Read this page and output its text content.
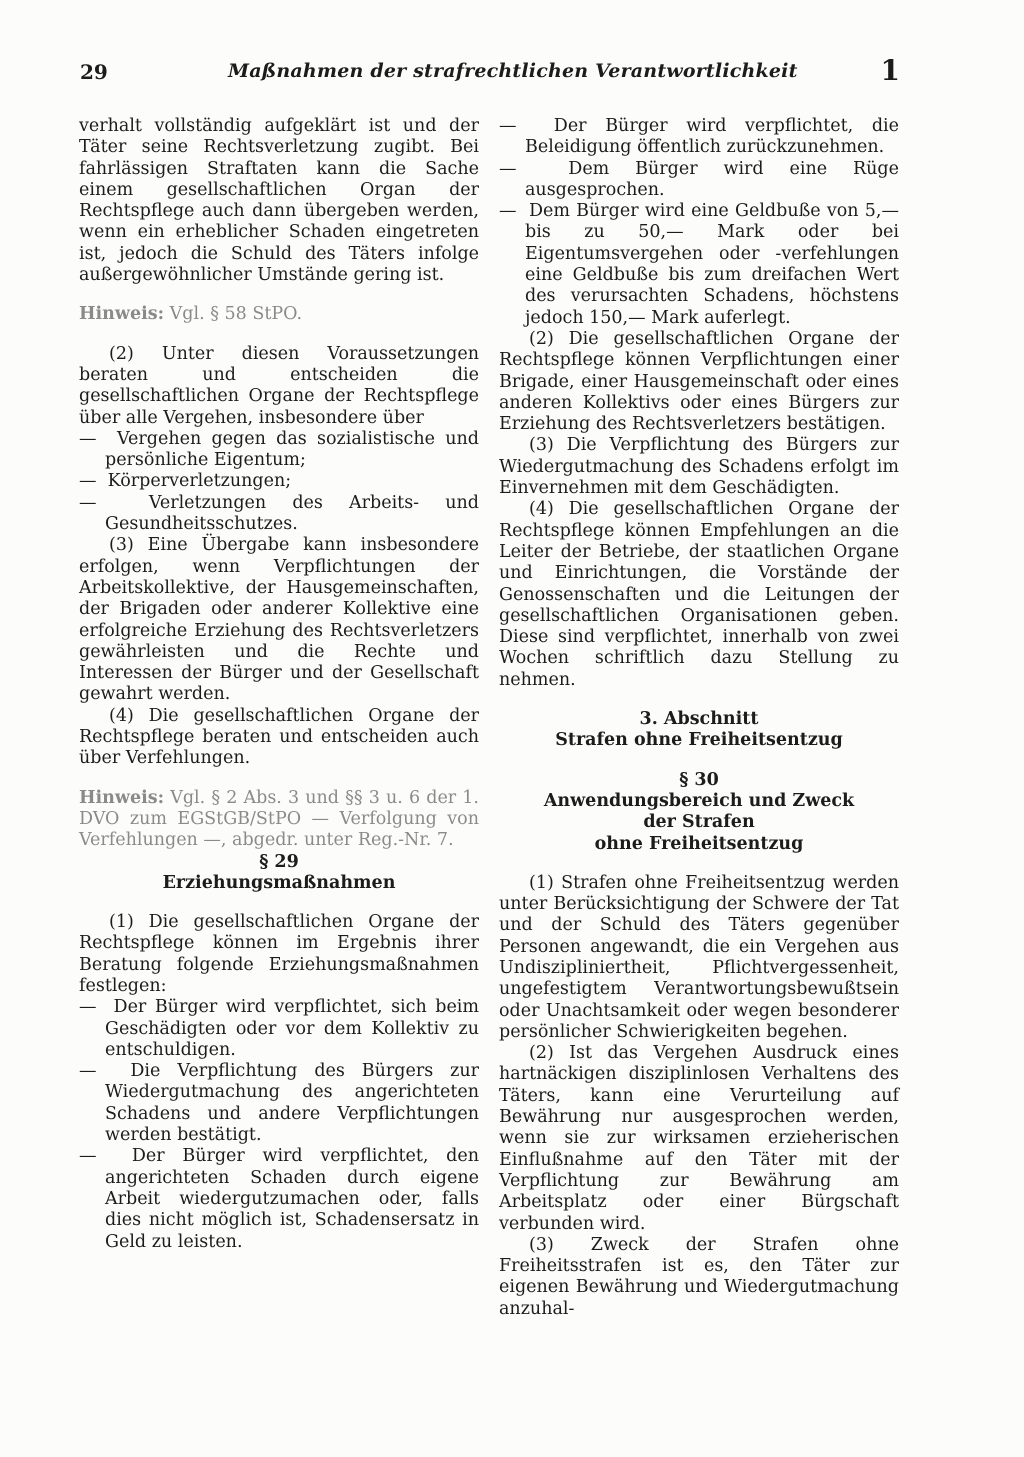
29	Maßnahmen der strafrechtlichen Verantwortlichkeit	1

verhalt vollständig aufgeklärt ist und der Täter seine Rechtsverletzung zugibt. Bei fahrlässigen Straftaten kann die Sache einem gesellschaftlichen Organ der Rechtspflege auch dann übergeben werden, wenn ein erheblicher Schaden eingetreten ist, jedoch die Schuld des Täters infolge außergewöhnlicher Umstände gering ist.

Hinweis: Vgl. § 58 StPO.

(2) Unter diesen Voraussetzungen beraten und entscheiden die gesellschaftlichen Organe der Rechtspflege über alle Vergehen, insbesondere über

—  Vergehen gegen das sozialistische und persönliche Eigentum;

—  Körperverletzungen;

—  Verletzungen des Arbeits- und Gesundheitsschutzes.

(3) Eine Übergabe kann insbesondere erfolgen, wenn Verpflichtungen der Arbeitskollektive, der Hausgemeinschaften, der Brigaden oder anderer Kollektive eine erfolgreiche Erziehung des Rechtsverletzers gewährleisten und die Rechte und Interessen der Bürger und der Gesellschaft gewahrt werden.

(4) Die gesellschaftlichen Organe der Rechtspflege beraten und entscheiden auch über Verfehlungen.

Hinweis: Vgl. § 2 Abs. 3 und §§ 3 u. 6 der 1. DVO zum EGStGB/StPO — Verfolgung von Verfehlungen —, abgedr. unter Reg.-Nr. 7.

§ 29

Erziehungsmaßnahmen

(1) Die gesellschaftlichen Organe der Rechtspflege können im Ergebnis ihrer Beratung folgende Erziehungsmaßnahmen festlegen:

—  Der Bürger wird verpflichtet, sich beim Geschädigten oder vor dem Kollektiv zu entschuldigen.

—  Die Verpflichtung des Bürgers zur Wiedergutmachung des angerichteten Schadens und andere Verpflichtungen werden bestätigt.

—  Der Bürger wird verpflichtet, den angerichteten Schaden durch eigene Arbeit wiedergutzumachen oder, falls dies nicht möglich ist, Schadensersatz in Geld zu leisten.

—  Der Bürger wird verpflichtet, die Beleidigung öffentlich zurückzunehmen.

—  Dem Bürger wird eine Rüge ausgesprochen.

—  Dem Bürger wird eine Geldbuße von 5,— bis zu 50,— Mark oder bei Eigentumsvergehen oder -verfehlungen eine Geldbuße bis zum dreifachen Wert des verursachten Schadens, höchstens jedoch 150,— Mark auferlegt.

(2) Die gesellschaftlichen Organe der Rechtspflege können Verpflichtungen einer Brigade, einer Hausgemeinschaft oder eines anderen Kollektivs oder eines Bürgers zur Erziehung des Rechtsverletzers bestätigen.

(3) Die Verpflichtung des Bürgers zur Wiedergutmachung des Schadens erfolgt im Einvernehmen mit dem Geschädigten.

(4) Die gesellschaftlichen Organe der Rechtspflege können Empfehlungen an die Leiter der Betriebe, der staatlichen Organe und Einrichtungen, die Vorstände der Genossenschaften und die Leitungen der gesellschaftlichen Organisationen geben. Diese sind verpflichtet, innerhalb von zwei Wochen schriftlich dazu Stellung zu nehmen.

3. Abschnitt

Strafen ohne Freiheitsentzug

§ 30

Anwendungsbereich und Zweck

der Strafen

ohne Freiheitsentzug

(1) Strafen ohne Freiheitsentzug werden unter Berücksichtigung der Schwere der Tat und der Schuld des Täters gegenüber Personen angewandt, die ein Vergehen aus Undiszipliniertheit, Pflichtvergessenheit, ungefestigtem Verantwortungsbewußtsein oder Unachtsamkeit oder wegen besonderer persönlicher Schwierigkeiten begehen.

(2) Ist das Vergehen Ausdruck eines hartnäckigen disziplinlosen Verhaltens des Täters, kann eine Verurteilung auf Bewährung nur ausgesprochen werden, wenn sie zur wirksamen erzieherischen Einflußnahme auf den Täter mit der Verpflichtung zur Bewährung am Arbeitsplatz oder einer Bürgschaft verbunden wird.

(3) Zweck der Strafen ohne Freiheitsstrafen ist es, den Täter zur eigenen Bewährung und Wiedergutmachung anzuhal-
